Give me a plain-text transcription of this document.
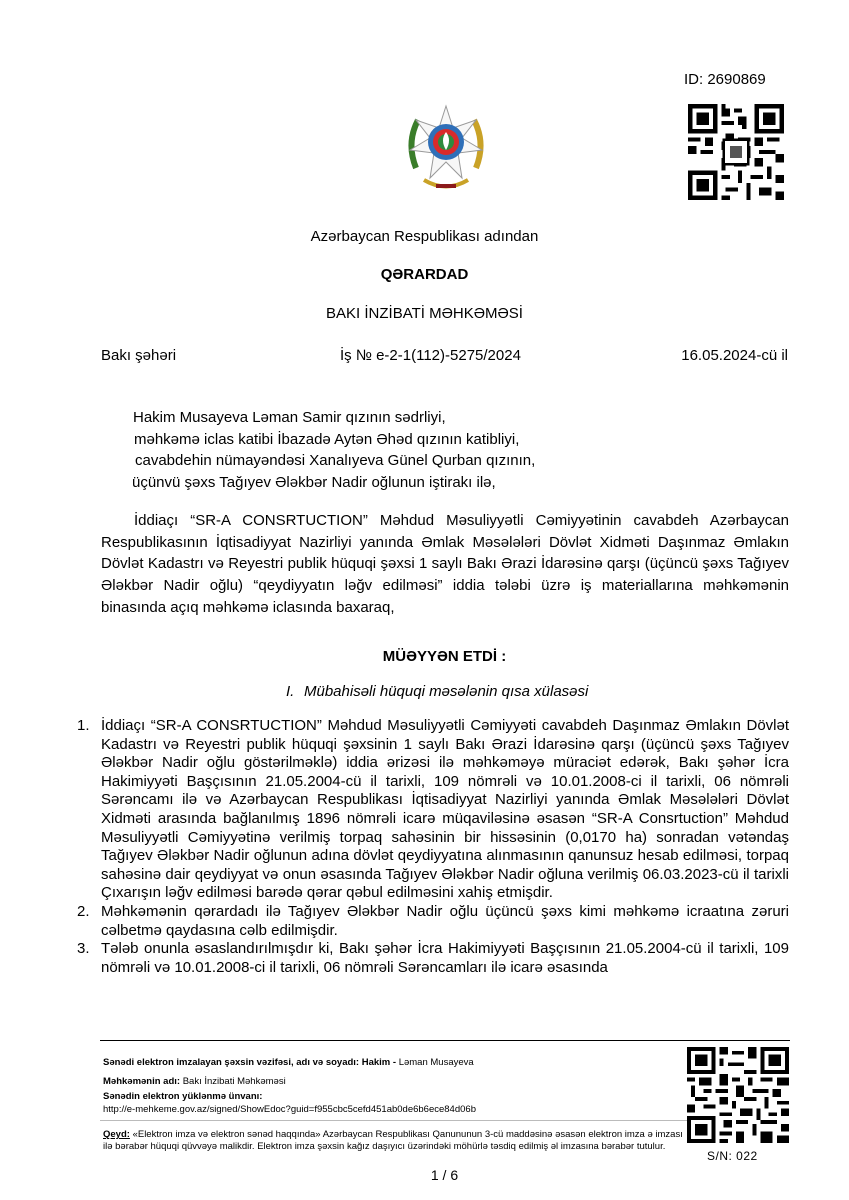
ID: 2690869
Azərbaycan Respublikası adından
QƏRARDAD
BAKI İNZİBATİ MƏHKƏMƏSİ
Bakı şəhəri	İş № e-2-1(112)-5275/2024	16.05.2024-cü il
Hakim Musayeva Ləman Samir qızının sədrliyi,
məhkəmə iclas katibi İbazadə Aytən Əhəd qızının katibliyi,
cavabdehin nümayəndəsi Xanalıyeva Günel Qurban qızının,
üçünvü şəxs Tağıyev Ələkbər Nadir oğlunun iştirakı ilə,
İddiaçı “SR-A CONSRTUCTION” Məhdud Məsuliyyətli Cəmiyyətinin cavabdeh Azərbaycan Respublikasının İqtisadiyyat Nazirliyi yanında Əmlak Məsələləri Dövlət Xidməti Daşınmaz Əmlakın Dövlət Kadastrı və Reyestri publik hüquqi şəxsi 1 saylı Bakı Ərazi İdarəsinə qarşı (üçüncü şəxs Tağıyev Ələkbər Nadir oğlu) “qeydiyyatın ləğv edilməsi” iddia tələbi üzrə iş materiallarına məhkəmənin binasında açıq məhkəmə iclasında baxaraq,
MÜƏYYƏN ETDİ :
I. Mübahisəli hüquqi məsələnin qısa xülasəsi
1. İddiaçı “SR-A CONSRTUCTION” Məhdud Məsuliyyətli Cəmiyyəti cavabdeh Daşınmaz Əmlakın Dövlət Kadastrı və Reyestri publik hüquqi şəxsinin 1 saylı Bakı Ərazi İdarəsinə qarşı (üçüncü şəxs Tağıyev Ələkbər Nadir oğlu göstərilməklə) iddia ərizəsi ilə məhkəməyə müraciət edərək, Bakı şəhər İcra Hakimiyyəti Başçısının 21.05.2004-cü il tarixli, 109 nömrəli və 10.01.2008-ci il tarixli, 06 nömrəli Sərəncamı ilə və Azərbaycan Respublikası İqtisadiyyat Nazirliyi yanında Əmlak Məsələləri Dövlət Xidməti arasında bağlanılmış 1896 nömrəli icarə müqaviləsinə əsasən “SR-A Consrtuction” Məhdud Məsuliyyətli Cəmiyyətinə verilmiş torpaq sahəsinin bir hissəsinin (0,0170 ha) sonradan vətəndaş Tağıyev Ələkbər Nadir oğlunun adına dövlət qeydiyyatına alınmasının qanunsuz hesab edilməsi, torpaq sahəsinə dair qeydiyyat və onun əsasında Tağıyev Ələkbər Nadir oğluna verilmiş 06.03.2023-cü il tarixli Çıxarışın ləğv edilməsi barədə qərar qəbul edilməsini xahiş etmişdir.
2. Məhkəmənin qərardadı ilə Tağıyev Ələkbər Nadir oğlu üçüncü şəxs kimi məhkəmə icraatına zəruri cəlbetmə qaydasına cəlb edilmişdir.
3. Tələb onunla əsaslandırılmışdır ki, Bakı şəhər İcra Hakimiyyəti Başçısının 21.05.2004-cü il tarixli, 109 nömrəli və 10.01.2008-ci il tarixli, 06 nömrəli Sərəncamları ilə icarə əsasında
Sənədi elektron imzalayan şəxsin vəzifəsi, adı və soyadı: Hakim - Ləman Musayeva
Məhkəmənin adı: Bakı İnzibati Məhkəməsi
Sənədin elektron yüklənmə ünvanı:
http://e-mehkeme.gov.az/signed/ShowEdoc?guid=f955cbc5cefd451ab0de6b6ece84d06b
Qeyd: «Elektron imza və elektron sənəd haqqında» Azərbaycan Respublikası Qanununun 3-cü maddəsinə əsasən elektron imza ə imzası ilə bərabər hüquqi qüvvəyə malikdir. Elektron imza şəxsin kağız daşıyıcı üzərindəki möhürlə təsdiq edilmiş əl imzasına bərabər tutulur.
S/N: 022
1 / 6
